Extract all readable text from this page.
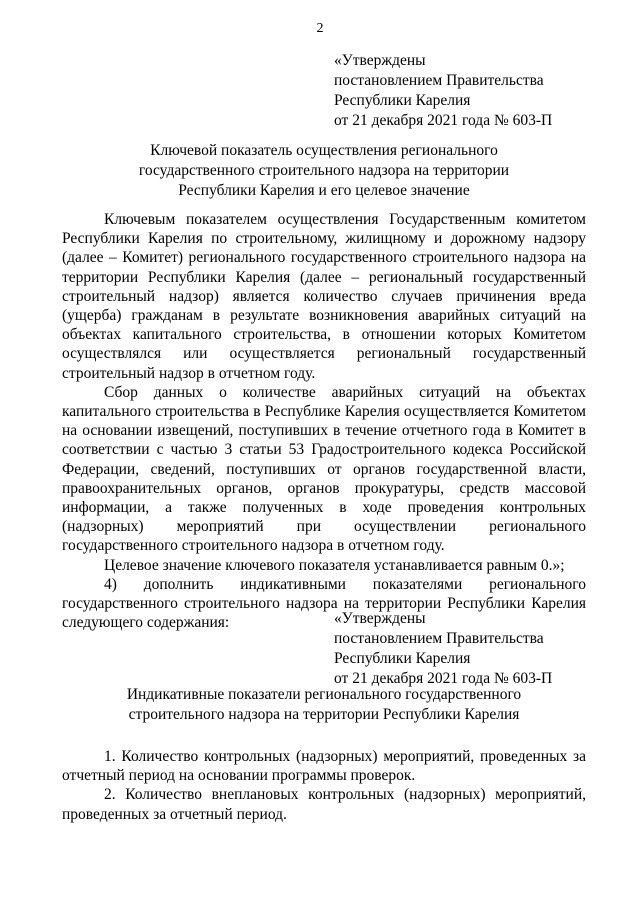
2
«Утверждены
постановлением Правительства
Республики Карелия
от 21 декабря 2021 года № 603-П
Ключевой показатель осуществления регионального
государственного строительного надзора на территории
Республики Карелия и его целевое значение

Ключевым показателем осуществления Государственным комитетом Республики Карелия по строительному, жилищному и дорожному надзору (далее – Комитет) регионального государственного строительного надзора на территории Республики Карелия (далее – региональный государственный строительный надзор) является количество случаев причинения вреда (ущерба) гражданам в результате возникновения аварийных ситуаций на объектах капитального строительства, в отношении которых Комитетом осуществлялся или осуществляется региональный государственный строительный надзор в отчетном году.

Сбор данных о количестве аварийных ситуаций на объектах капитального строительства в Республике Карелия осуществляется Комитетом на основании извещений, поступивших в течение отчетного года в Комитет в соответствии с частью 3 статьи 53 Градостроительного кодекса Российской Федерации, сведений, поступивших от органов государственной власти, правоохранительных органов, органов прокуратуры, средств массовой информации, а также полученных в ходе проведения контрольных (надзорных) мероприятий при осуществлении регионального государственного строительного надзора в отчетном году.

Целевое значение ключевого показателя устанавливается равным 0.»;

4) дополнить индикативными показателями регионального государственного строительного надзора на территории Республики Карелия следующего содержания:	«Утверждены
постановлением Правительства
Республики Карелия
от 21 декабря 2021 года № 603-П
Индикативные показатели регионального государственного
строительного надзора на территории Республики Карелия

1. Количество контрольных (надзорных) мероприятий, проведенных за отчетный период на основании программы проверок.

2. Количество внеплановых контрольных (надзорных) мероприятий, проведенных за отчетный период.
